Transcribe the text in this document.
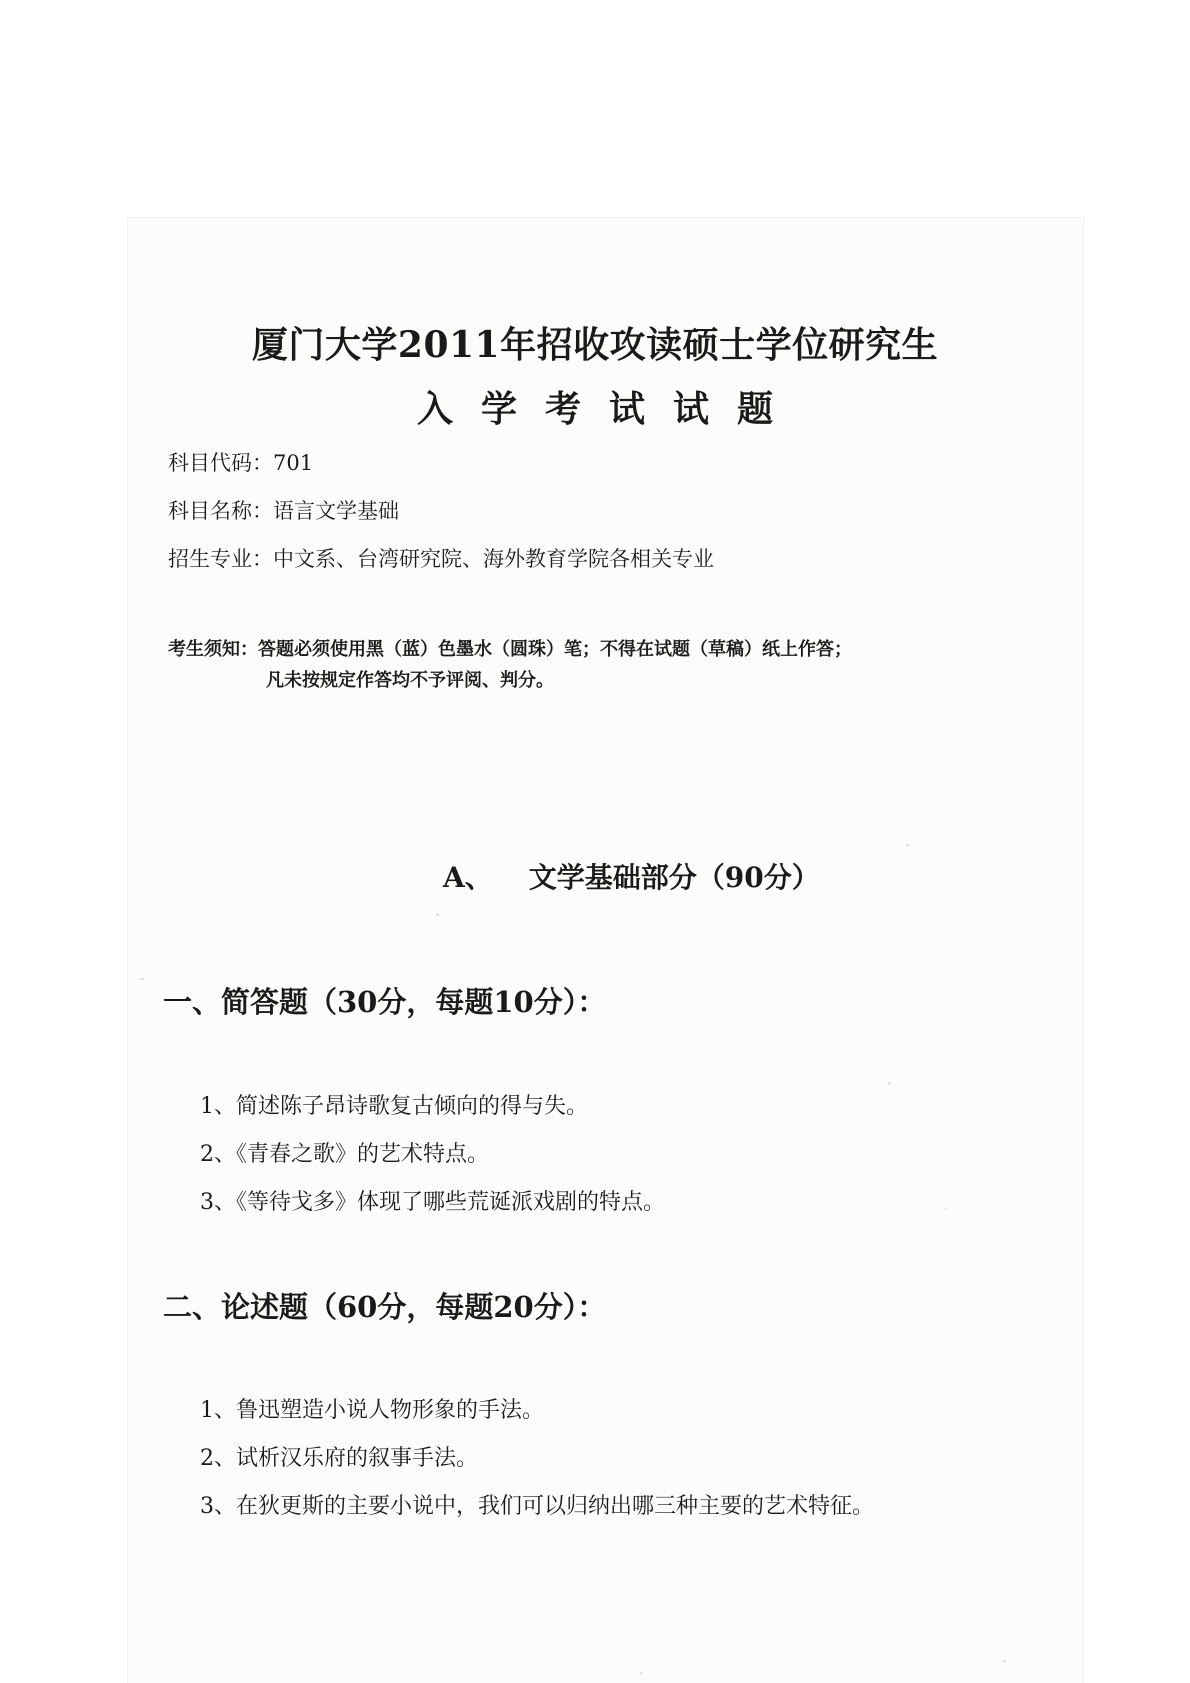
厦门大学2011年招收攻读硕士学位研究生
入学考试试题
科目代码：701
科目名称：语言文学基础
招生专业：中文系、台湾研究院、海外教育学院各相关专业
考生须知：答题必须使用黑（蓝）色墨水（圆珠）笔；不得在试题（草稿）纸上作答；
凡未按规定作答均不予评阅、判分。
A、 文学基础部分（90分）
一、简答题（30分，每题10分）：
1、简述陈子昂诗歌复古倾向的得与失。
2、《青春之歌》的艺术特点。
3、《等待戈多》体现了哪些荒诞派戏剧的特点。
二、论述题（60分，每题20分）：
1、鲁迅塑造小说人物形象的手法。
2、试析汉乐府的叙事手法。
3、在狄更斯的主要小说中，我们可以归纳出哪三种主要的艺术特征。
